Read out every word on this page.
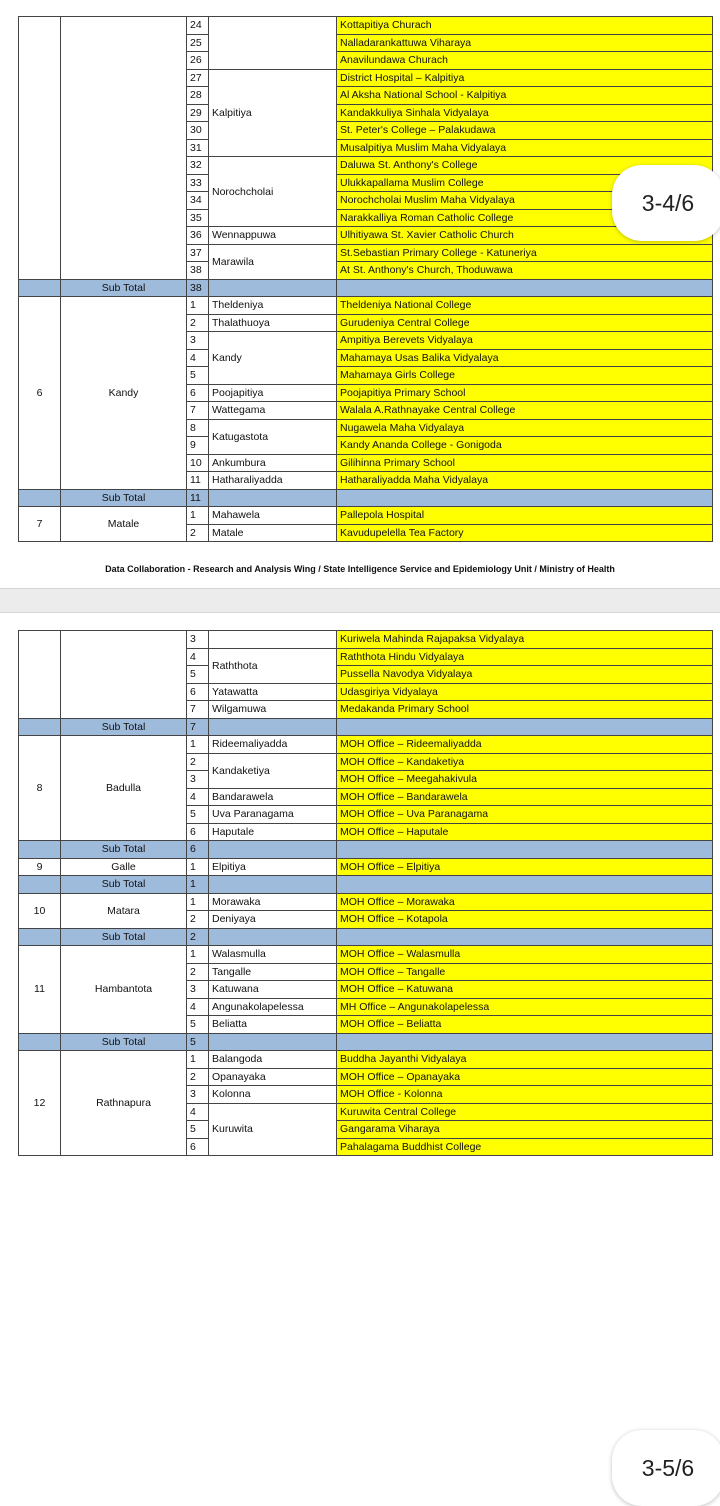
		24		Kottapitiya Churach
		25		Nalladarankattuwa Viharaya
		26		Anavilundawa Churach
		27	Kalpitiya	District Hospital – Kalpitiya
		28		Al Aksha National School - Kalpitiya
		29		Kandakkuliya Sinhala Vidyalaya
		30		St. Peter's College – Palakudawa
		31		Musalpitiya Muslim Maha Vidyalaya
		32	Norochcholai	Daluwa St. Anthony's College
		33		Ulukkapallama Muslim College
		34		Norochcholai Muslim Maha Vidyalaya
		35		Narakkalliya Roman Catholic College
		36	Wennappuwa	Ulhitiyawa St. Xavier Catholic Church
		37	Marawila	St.Sebastian Primary College - Katuneriya
		38		At St. Anthony's Church, Thoduwawa
	Sub Total	38		
6	Kandy	1	Theldeniya	Theldeniya National College
		2	Thalathuoya	Gurudeniya Central College
		3	Kandy	Ampitiya Berevets Vidyalaya
		4		Mahamaya Usas Balika Vidyalaya
		5		Mahamaya Girls College
		6	Poojapitiya	Poojapitiya Primary School
		7	Wattegama	Walala A.Rathnayake Central College
		8	Katugastota	Nugawela Maha Vidyalaya
		9		Kandy Ananda College - Gonigoda
		10	Ankumbura	Gilihinna Primary School
		11	Hatharaliyadda	Hatharaliyadda Maha Vidyalaya
	Sub Total	11		
7	Matale	1	Mahawela	Pallepola Hospital
		2	Matale	Kavudupelella Tea Factory
Data Collaboration - Research and Analysis Wing / State Intelligence Service and Epidemiology Unit / Ministry of Health
3-4/6
		3		Kuriwela Mahinda Rajapaksa Vidyalaya
		4	Raththota	Raththota Hindu Vidyalaya
		5		Pussella Navodya Vidyalaya
		6	Yatawatta	Udasgiriya Vidyalaya
		7	Wilgamuwa	Medakanda Primary School
	Sub Total	7		
8	Badulla	1	Rideemaliyadda	MOH Office – Rideemaliyadda
		2	Kandaketiya	MOH Office – Kandaketiya
		3		MOH Office – Meegahakivula
		4	Bandarawela	MOH Office – Bandarawela
		5	Uva Paranagama	MOH Office – Uva Paranagama
		6	Haputale	MOH Office – Haputale
	Sub Total	6		
9	Galle	1	Elpitiya	MOH Office – Elpitiya
	Sub Total	1		
10	Matara	1	Morawaka	MOH Office – Morawaka
		2	Deniyaya	MOH Office – Kotapola
	Sub Total	2		
11	Hambantota	1	Walasmulla	MOH Office – Walasmulla
		2	Tangalle	MOH Office – Tangalle
		3	Katuwana	MOH Office – Katuwana
		4	Angunakolapelessa	MH Office – Angunakolapelessa
		5	Beliatta	MOH Office – Beliatta
	Sub Total	5		
12	Rathnapura	1	Balangoda	Buddha Jayanthi Vidyalaya
		2	Opanayaka	MOH Office – Opanayaka
		3	Kolonna	MOH Office - Kolonna
		4	Kuruwita	Kuruwita Central College
		5		Gangarama Viharaya
		6		Pahalagama Buddhist College
3-5/6
